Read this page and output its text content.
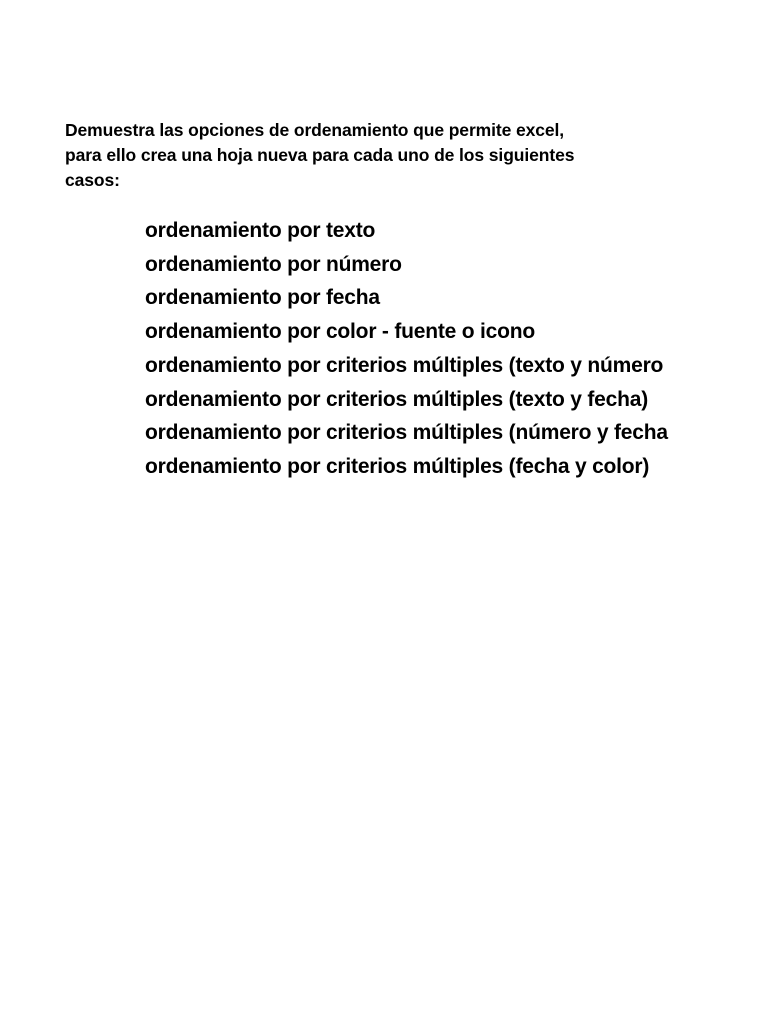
Demuestra las opciones de ordenamiento que permite excel,
para ello crea una hoja nueva para cada uno de los siguientes
casos:
ordenamiento por texto
ordenamiento por número
ordenamiento por fecha
ordenamiento por color - fuente o icono
ordenamiento por criterios múltiples (texto y número
ordenamiento por criterios múltiples (texto y fecha)
ordenamiento por criterios múltiples (número y fecha
ordenamiento por criterios múltiples (fecha y color)
